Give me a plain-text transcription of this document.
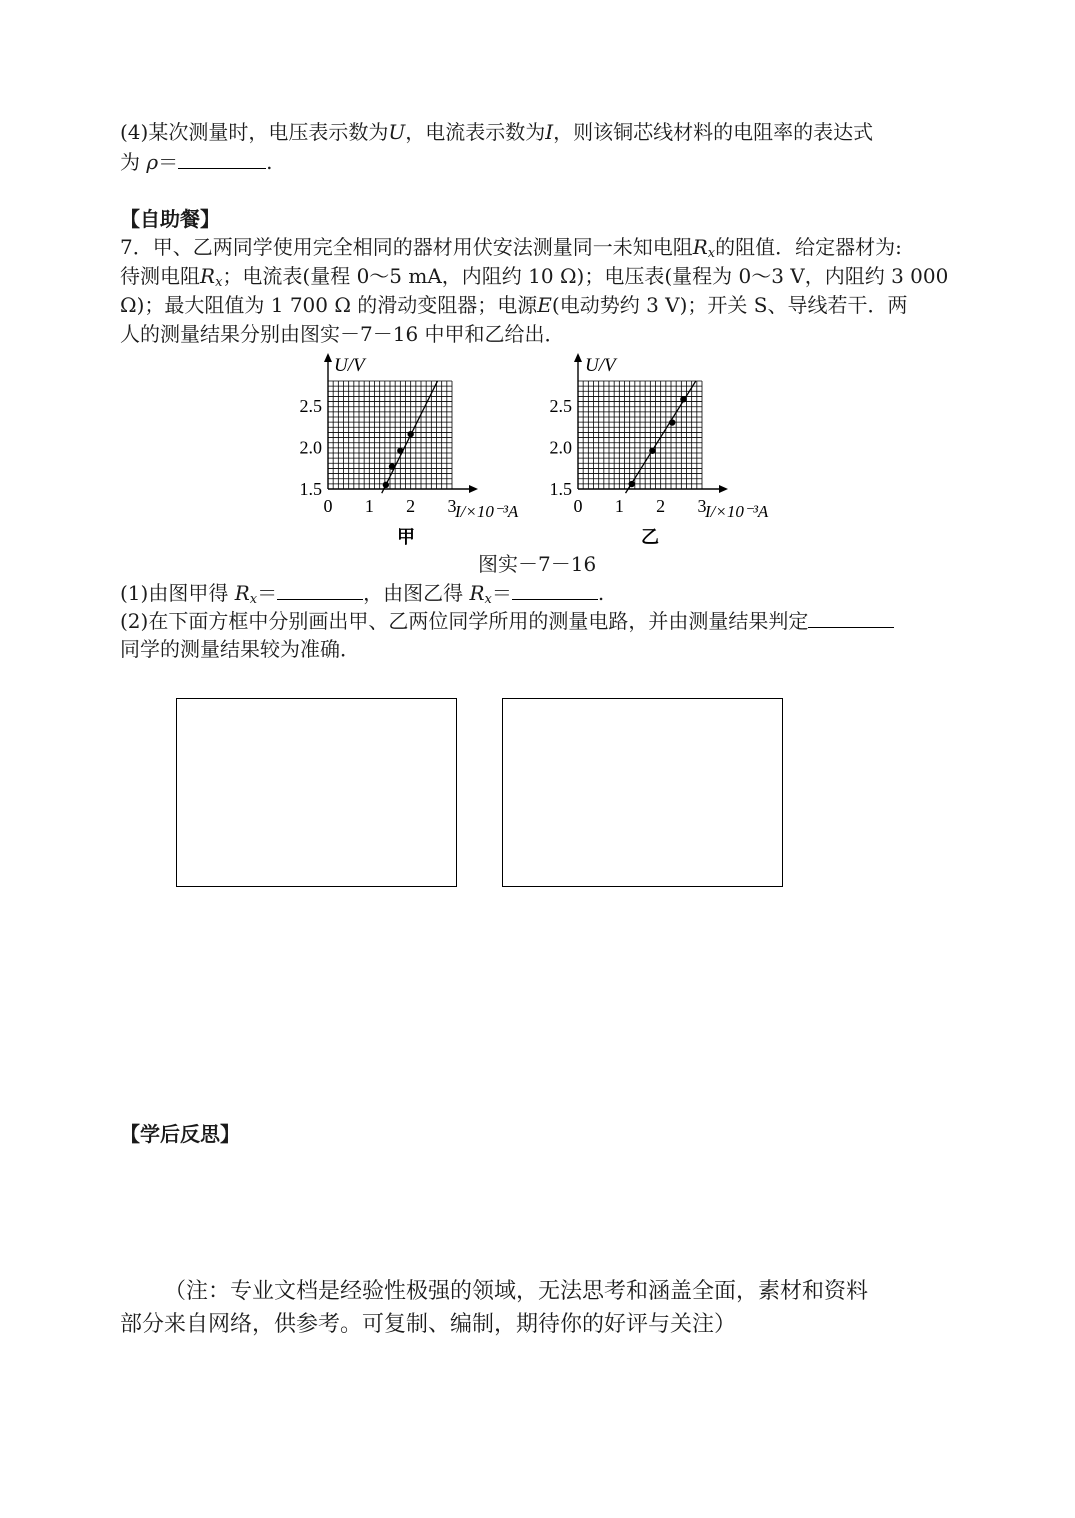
(4)某次测量时，电压表示数为U，电流表示数为I，则该铜芯线材料的电阻率的表达式
为 ρ＝	.
【自助餐】
7．甲、乙两同学使用完全相同的器材用伏安法测量同一未知电阻$R_x$的阻值．给定器材为:
待测电阻$R_x$；电流表(量程 0～5 mA，内阻约 10 Ω)；电压表(量程为 0～3 V，内阻约 3 000
Ω)；最大阻值为 1 700 Ω 的滑动变阻器；电源E(电动势约 3 V)；开关 S、导线若干．两
人的测量结果分别由图实－7－16 中甲和乙给出．
0 1 2 3
1.5
2.0
2.5
U/V
I/×10⁻³A
甲
0 1 2 3
1.5
2.0
2.5
U/V
I/×10⁻³A
乙
图实－7－16
(1)由图甲得 $R_x=$	，由图乙得 $R_x=$	.
(2)在下面方框中分别画出甲、乙两位同学所用的测量电路，并由测量结果判定
同学的测量结果较为准确．
【学后反思】
（注：专业文档是经验性极强的领域，无法思考和涵盖全面，素材和资料
部分来自网络，供参考。可复制、编制，期待你的好评与关注）
